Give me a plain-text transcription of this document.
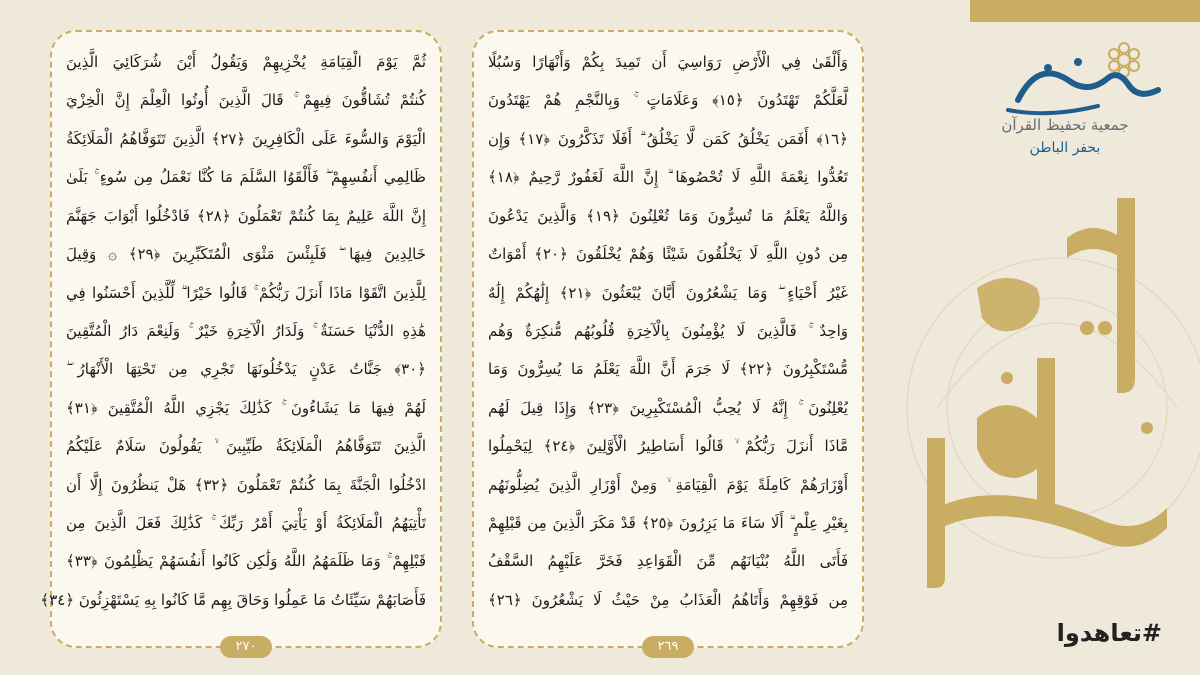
وَأَلْقَىٰ فِي الْأَرْضِ رَوَاسِيَ أَن تَمِيدَ بِكُمْ وَأَنْهَارًا وَسُبُلًا
لَّعَلَّكُمْ تَهْتَدُونَ ﴿١٥﴾ وَعَلَامَاتٍ ۚ وَبِالنَّجْمِ هُمْ يَهْتَدُونَ
﴿١٦﴾ أَفَمَن يَخْلُقُ كَمَن لَّا يَخْلُقُ ۗ أَفَلَا تَذَكَّرُونَ ﴿١٧﴾ وَإِن
تَعُدُّوا نِعْمَةَ اللَّهِ لَا تُحْصُوهَا ۗ إِنَّ اللَّهَ لَغَفُورٌ رَّحِيمٌ ﴿١٨﴾
وَاللَّهُ يَعْلَمُ مَا تُسِرُّونَ وَمَا تُعْلِنُونَ ﴿١٩﴾ وَالَّذِينَ يَدْعُونَ
مِن دُونِ اللَّهِ لَا يَخْلُقُونَ شَيْئًا وَهُمْ يُخْلَقُونَ ﴿٢٠﴾ أَمْوَاتٌ
غَيْرُ أَحْيَاءٍ ۖ وَمَا يَشْعُرُونَ أَيَّانَ يُبْعَثُونَ ﴿٢١﴾ إِلَٰهُكُمْ إِلَٰهٌ
وَاحِدٌ ۚ فَالَّذِينَ لَا يُؤْمِنُونَ بِالْآخِرَةِ قُلُوبُهُم مُّنكِرَةٌ وَهُم
مُّسْتَكْبِرُونَ ﴿٢٢﴾ لَا جَرَمَ أَنَّ اللَّهَ يَعْلَمُ مَا يُسِرُّونَ وَمَا
يُعْلِنُونَ ۚ إِنَّهُ لَا يُحِبُّ الْمُسْتَكْبِرِينَ ﴿٢٣﴾ وَإِذَا قِيلَ لَهُم
مَّاذَا أَنزَلَ رَبُّكُمْ ۙ قَالُوا أَسَاطِيرُ الْأَوَّلِينَ ﴿٢٤﴾ لِيَحْمِلُوا
أَوْزَارَهُمْ كَامِلَةً يَوْمَ الْقِيَامَةِ ۙ وَمِنْ أَوْزَارِ الَّذِينَ يُضِلُّونَهُم
بِغَيْرِ عِلْمٍ ۗ أَلَا سَاءَ مَا يَزِرُونَ ﴿٢٥﴾ قَدْ مَكَرَ الَّذِينَ مِن قَبْلِهِمْ
فَأَتَى اللَّهُ بُنْيَانَهُم مِّنَ الْقَوَاعِدِ فَخَرَّ عَلَيْهِمُ السَّقْفُ
مِن فَوْقِهِمْ وَأَتَاهُمُ الْعَذَابُ مِنْ حَيْثُ لَا يَشْعُرُونَ ﴿٢٦﴾
٢٦٩
ثُمَّ يَوْمَ الْقِيَامَةِ يُخْزِيهِمْ وَيَقُولُ أَيْنَ شُرَكَائِيَ الَّذِينَ
كُنتُمْ تُشَاقُّونَ فِيهِمْ ۚ قَالَ الَّذِينَ أُوتُوا الْعِلْمَ إِنَّ الْخِزْيَ
الْيَوْمَ وَالسُّوءَ عَلَى الْكَافِرِينَ ﴿٢٧﴾ الَّذِينَ تَتَوَفَّاهُمُ الْمَلَائِكَةُ
ظَالِمِي أَنفُسِهِمْ ۖ فَأَلْقَوُا السَّلَمَ مَا كُنَّا نَعْمَلُ مِن سُوءٍ ۚ بَلَىٰ
إِنَّ اللَّهَ عَلِيمٌ بِمَا كُنتُمْ تَعْمَلُونَ ﴿٢٨﴾ فَادْخُلُوا أَبْوَابَ جَهَنَّمَ
خَالِدِينَ فِيهَا ۖ فَلَبِئْسَ مَثْوَى الْمُتَكَبِّرِينَ ﴿٢٩﴾ ۞ وَقِيلَ
لِلَّذِينَ اتَّقَوْا مَاذَا أَنزَلَ رَبُّكُمْ ۚ قَالُوا خَيْرًا ۗ لِّلَّذِينَ أَحْسَنُوا فِي
هَٰذِهِ الدُّنْيَا حَسَنَةٌ ۚ وَلَدَارُ الْآخِرَةِ خَيْرٌ ۚ وَلَنِعْمَ دَارُ الْمُتَّقِينَ
﴿٣٠﴾ جَنَّاتُ عَدْنٍ يَدْخُلُونَهَا تَجْرِي مِن تَحْتِهَا الْأَنْهَارُ ۖ
لَهُمْ فِيهَا مَا يَشَاءُونَ ۚ كَذَٰلِكَ يَجْزِي اللَّهُ الْمُتَّقِينَ ﴿٣١﴾
الَّذِينَ تَتَوَفَّاهُمُ الْمَلَائِكَةُ طَيِّبِينَ ۙ يَقُولُونَ سَلَامٌ عَلَيْكُمُ
ادْخُلُوا الْجَنَّةَ بِمَا كُنتُمْ تَعْمَلُونَ ﴿٣٢﴾ هَلْ يَنظُرُونَ إِلَّا أَن
تَأْتِيَهُمُ الْمَلَائِكَةُ أَوْ يَأْتِيَ أَمْرُ رَبِّكَ ۚ كَذَٰلِكَ فَعَلَ الَّذِينَ مِن
قَبْلِهِمْ ۚ وَمَا ظَلَمَهُمُ اللَّهُ وَلَٰكِن كَانُوا أَنفُسَهُمْ يَظْلِمُونَ ﴿٣٣﴾
فَأَصَابَهُمْ سَيِّئَاتُ مَا عَمِلُوا وَحَاقَ بِهِم مَّا كَانُوا بِهِ يَسْتَهْزِئُونَ ﴿٣٤﴾
٢٧٠
جمعية تحفيظ القرآن
بحفر الباطن
#تعاهدوا
